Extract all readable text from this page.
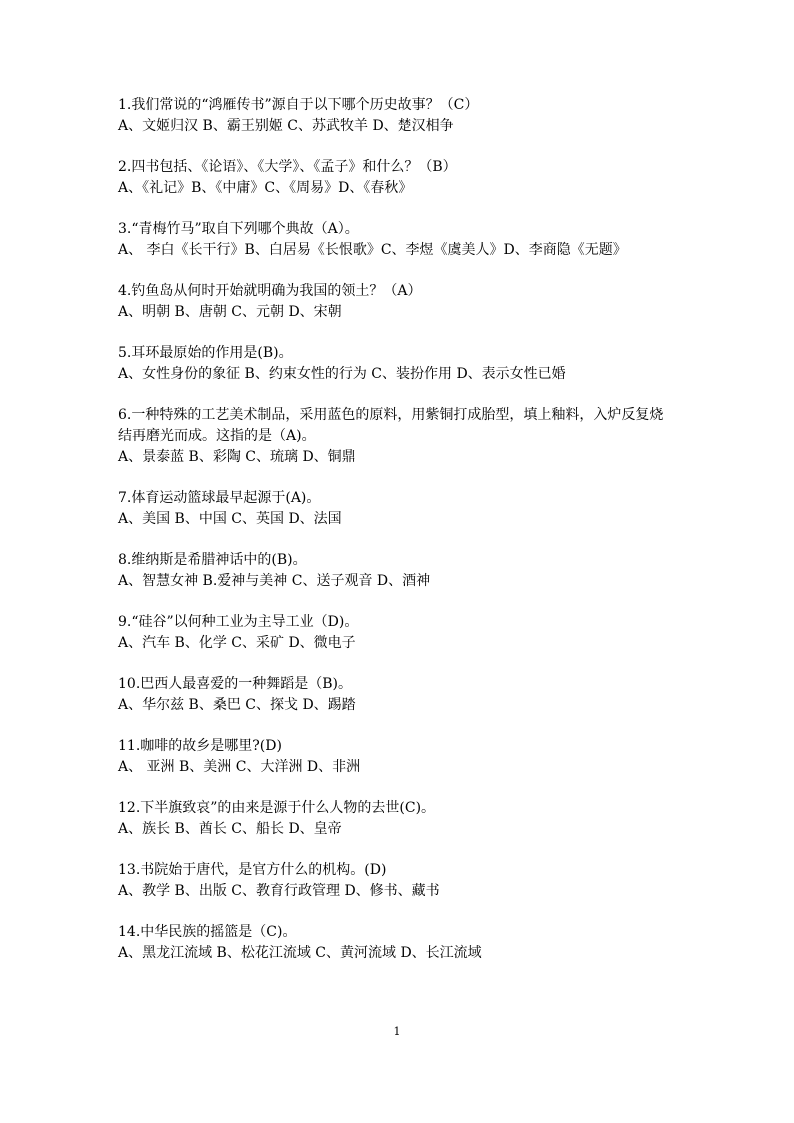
1.我们常说的“鸿雁传书”源自于以下哪个历史故事？（C）
A、文姬归汉 B、霸王别姬 C、苏武牧羊 D、楚汉相争
2.四书包括、《论语》、《大学》、《孟子》和什么？（B）
A、《礼记》B、《中庸》C、《周易》D、《春秋》
3.“青梅竹马”取自下列哪个典故（A）。
A、 李白《长干行》B、白居易《长恨歌》C、李煜《虞美人》D、李商隐《无题》
4.钓鱼岛从何时开始就明确为我国的领土？（A）
A、明朝 B、唐朝 C、元朝 D、宋朝
5.耳环最原始的作用是(B)。
A、女性身份的象征 B、约束女性的行为 C、装扮作用 D、表示女性已婚
6.一种特殊的工艺美术制品，采用蓝色的原料，用紫铜打成胎型，填上釉料，入炉反复烧
结再磨光而成。这指的是（A)。
A、景泰蓝 B、彩陶 C、琉璃 D、铜鼎
7.体育运动篮球最早起源于(A)。
A、美国 B、中国 C、英国 D、法国
8.维纳斯是希腊神话中的(B)。
A、智慧女神 B.爱神与美神 C、送子观音 D、酒神
9.“硅谷”以何种工业为主导工业（D)。
A、汽车 B、化学 C、采矿 D、微电子
10.巴西人最喜爱的一种舞蹈是（B)。
A、华尔兹 B、桑巴 C、探戈 D、踢踏
11.咖啡的故乡是哪里?(D)
A、 亚洲 B、美洲 C、大洋洲 D、非洲
12.下半旗致哀”的由来是源于什么人物的去世(C)。
A、族长 B、酋长 C、船长 D、皇帝
13.书院始于唐代，是官方什么的机构。(D)
A、教学 B、出版 C、教育行政管理 D、修书、藏书
14.中华民族的摇篮是（C)。
A、黑龙江流域 B、松花江流域 C、黄河流域 D、长江流域
1
